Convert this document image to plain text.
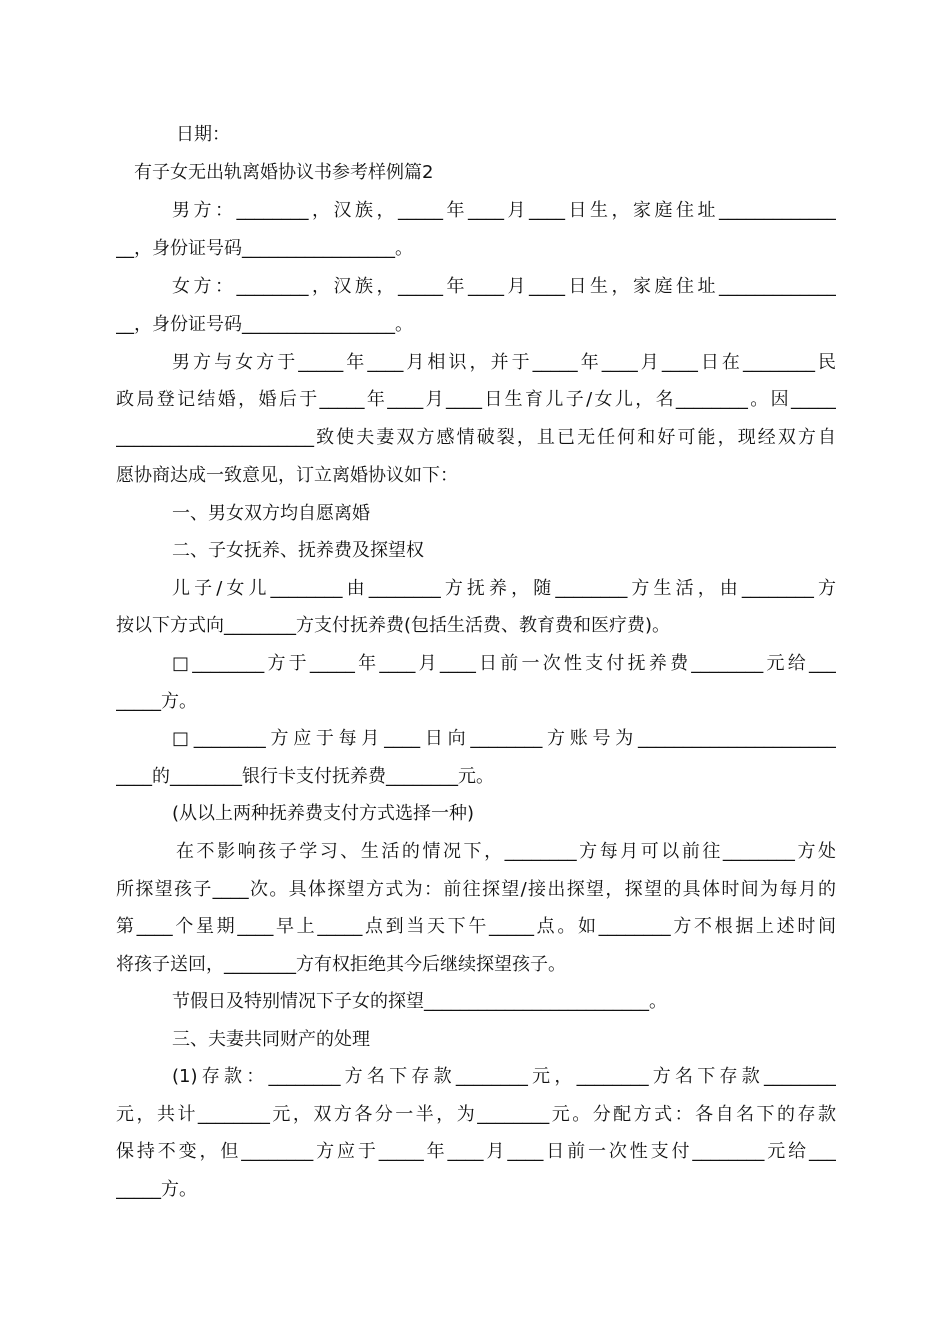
日期：
有子女无出轨离婚协议书参考样例篇2
男方：________，汉族，_____年____月____日生，家庭住址_____________
__，身份证号码_________________。
女方：________，汉族，_____年____月____日生，家庭住址_____________
__，身份证号码_________________。
男方与女方于_____年____月相识，并于_____年____月____日在________民
政局登记结婚，婚后于_____年____月____日生育儿子/女儿，名________。因_____
______________________致使夫妻双方感情破裂，且已无任何和好可能，现经双方自
愿协商达成一致意见，订立离婚协议如下：
一、男女双方均自愿离婚
二、子女抚养、抚养费及探望权
儿子/女儿________由________方抚养，随________方生活，由________方
按以下方式向________方支付抚养费(包括生活费、教育费和医疗费)。
□________方于_____年____月____日前一次性支付抚养费________元给___
_____方。
□________方应于每月____日向________方账号为______________________
____的________银行卡支付抚养费________元。
(从以上两种抚养费支付方式选择一种)
在不影响孩子学习、生活的情况下，________方每月可以前往________方处
所探望孩子____次。具体探望方式为：前往探望/接出探望，探望的具体时间为每月的
第____个星期____早上_____点到当天下午_____点。如________方不根据上述时间
将孩子送回，________方有权拒绝其今后继续探望孩子。
节假日及特别情况下子女的探望_________________________。
三、夫妻共同财产的处理
(1)存款：________方名下存款________元，________方名下存款________
元，共计________元，双方各分一半，为________元。分配方式：各自名下的存款
保持不变，但________方应于_____年____月____日前一次性支付________元给___
_____方。
